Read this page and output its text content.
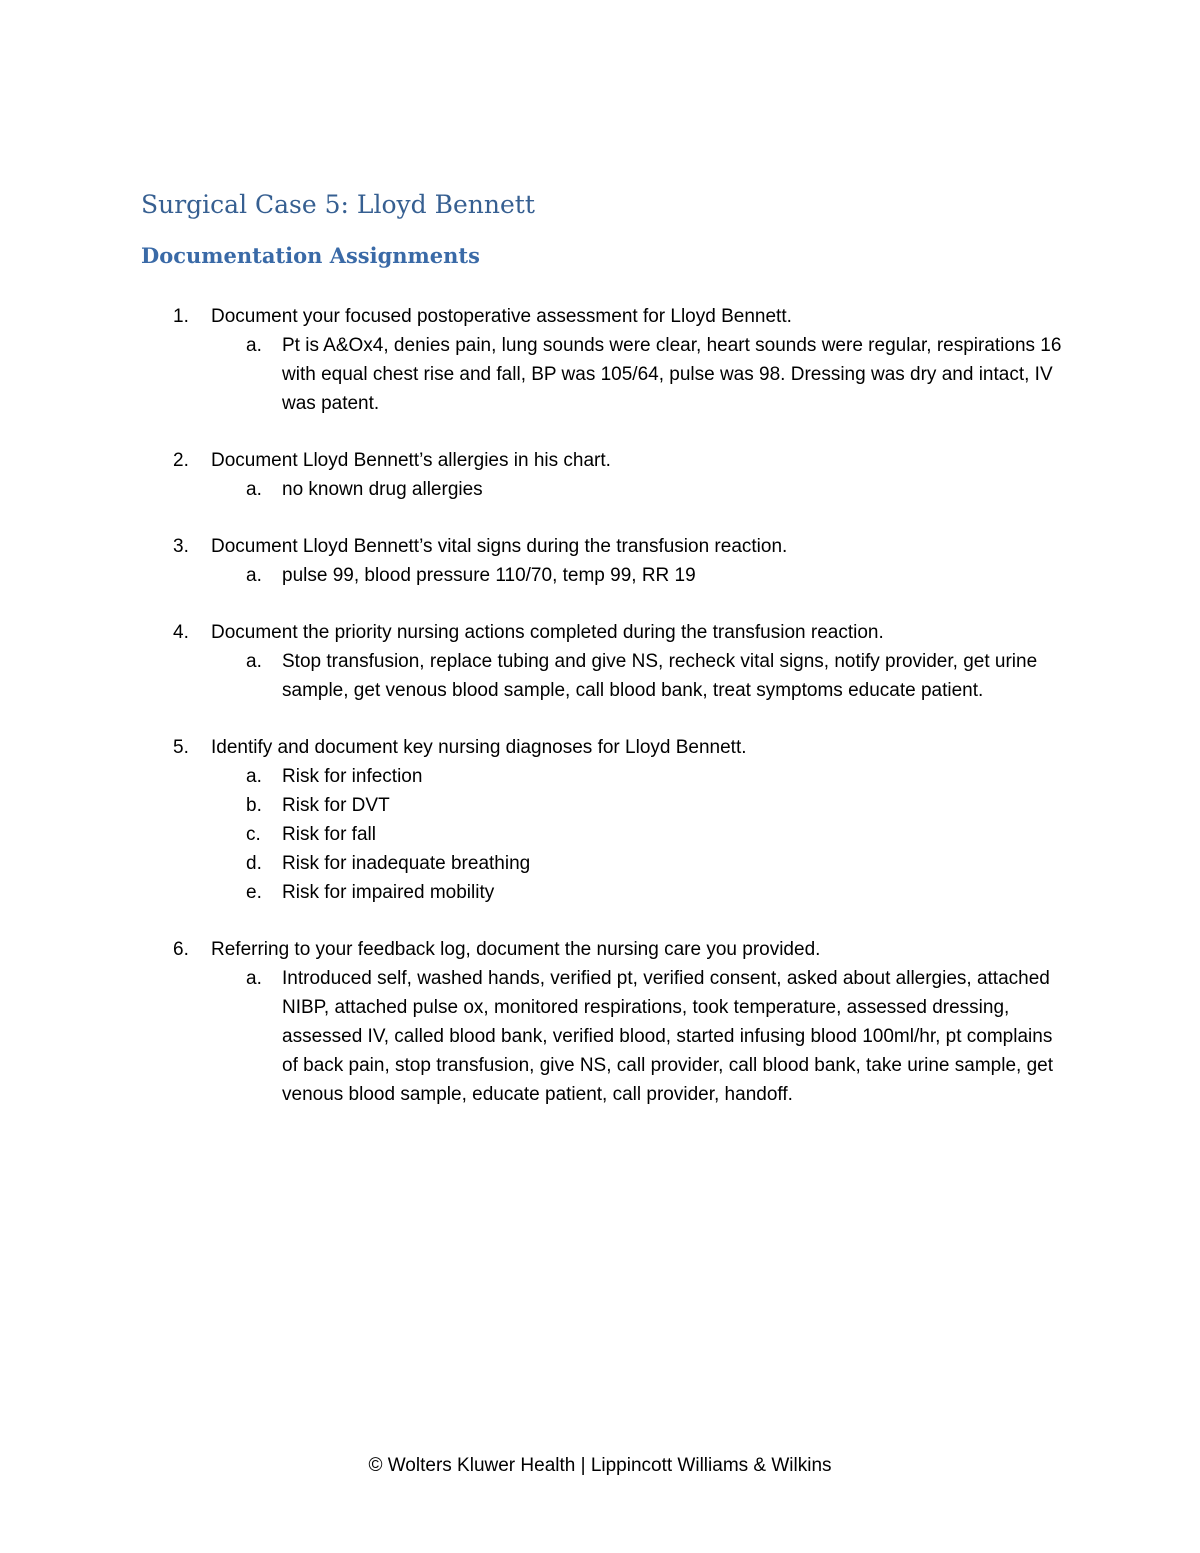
Surgical Case 5: Lloyd Bennett
Documentation Assignments
1. Document your focused postoperative assessment for Lloyd Bennett.
a. Pt is A&Ox4, denies pain, lung sounds were clear, heart sounds were regular, respirations 16 with equal chest rise and fall, BP was 105/64, pulse was 98. Dressing was dry and intact, IV was patent.
2. Document Lloyd Bennett’s allergies in his chart.
a. no known drug allergies
3. Document Lloyd Bennett’s vital signs during the transfusion reaction.
a. pulse 99, blood pressure 110/70, temp 99, RR 19
4. Document the priority nursing actions completed during the transfusion reaction.
a. Stop transfusion, replace tubing and give NS, recheck vital signs, notify provider, get urine sample, get venous blood sample, call blood bank, treat symptoms educate patient.
5. Identify and document key nursing diagnoses for Lloyd Bennett.
a. Risk for infection
b. Risk for DVT
c. Risk for fall
d. Risk for inadequate breathing
e. Risk for impaired mobility
6. Referring to your feedback log, document the nursing care you provided.
a. Introduced self, washed hands, verified pt, verified consent, asked about allergies, attached NIBP, attached pulse ox, monitored respirations, took temperature, assessed dressing, assessed IV, called blood bank, verified blood, started infusing blood 100ml/hr, pt complains of back pain, stop transfusion, give NS, call provider, call blood bank, take urine sample, get venous blood sample, educate patient, call provider, handoff.
© Wolters Kluwer Health | Lippincott Williams & Wilkins
